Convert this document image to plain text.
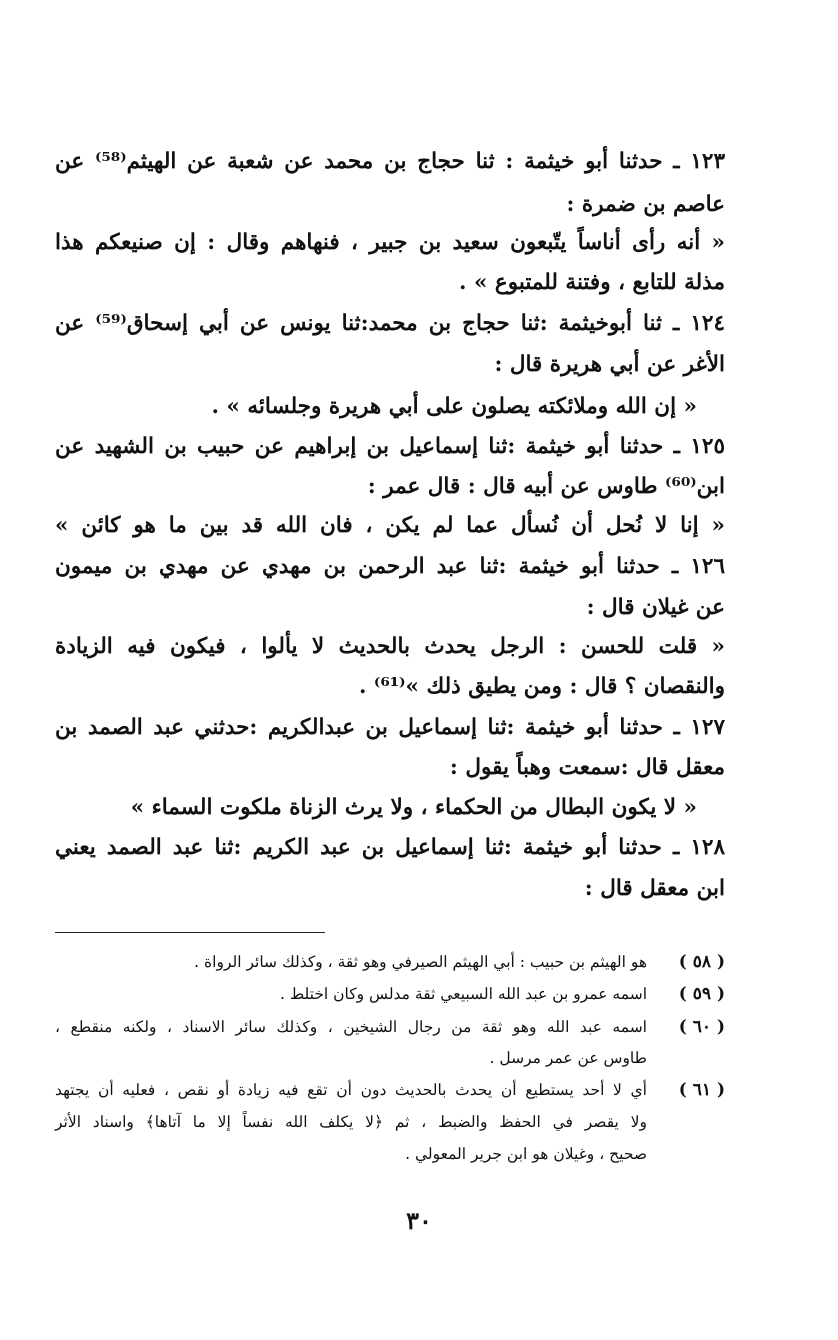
١٢٣ ـ حدثنا أبو خيثمة : ثنا حجاج بن محمد عن شعبة عن الهيثم⁽⁵⁸⁾ عن
عاصم بن ضمرة :
« أنه رأى أناساً يتّبعون سعيد بن جبير ، فنهاهم وقال : إن صنيعكم هذا
مذلة للتابع ، وفتنة للمتبوع » .
١٢٤ ـ ثنا أبوخيثمة :ثنا حجاج بن محمد:ثنا يونس عن أبي إسحاق⁽⁵⁹⁾ عن
الأغر عن أبي هريرة قال :
« إن الله وملائكته يصلون على أبي هريرة وجلسائه » .
١٢٥ ـ حدثنا أبو خيثمة :ثنا إسماعيل بن إبراهيم عن حبيب بن الشهيد عن
ابن⁽⁶⁰⁾ طاوس عن أبيه قال : قال عمر :
« إنا لا نُحل أن نُسأل عما لم يكن ، فان الله قد بين ما هو كائن »
١٢٦ ـ حدثنا أبو خيثمة :ثنا عبد الرحمن بن مهدي عن مهدي بن ميمون
عن غيلان قال :
« قلت للحسن : الرجل يحدث بالحديث لا يألوا ، فيكون فيه الزيادة
والنقصان ؟ قال : ومن يطيق ذلك »⁽⁶¹⁾ .
١٢٧ ـ حدثنا أبو خيثمة :ثنا إسماعيل بن عبدالكريم :حدثني عبد الصمد بن
معقل قال :سمعت وهباً يقول :
« لا يكون البطال من الحكماء ، ولا يرث الزناة ملكوت السماء »
١٢٨ ـ حدثنا أبو خيثمة :ثنا إسماعيل بن عبد الكريم :ثنا عبد الصمد يعني
ابن معقل قال :
( ٥٨ )
هو الهيثم بن حبيب : أبي الهيثم الصيرفي وهو ثقة ، وكذلك سائر الرواة .
( ٥٩ )
اسمه عمرو بن عبد الله السبيعي ثقة مدلس وكان اختلط .
( ٦٠ )
اسمه عبد الله وهو ثقة من رجال الشيخين ، وكذلك سائر الاسناد ، ولكنه منقطع ،
طاوس عن عمر مرسل .
( ٦١ )
أي لا أحد يستطيع أن يحدث بالحديث دون أن تقع فيه زيادة أو نقص ، فعليه أن يجتهد
ولا يقصر في الحفظ والضبط ، ثم ﴿لا يكلف الله نفساً إلا ما آتاها﴾ واسناد الأثر
صحيح ، وغيلان هو ابن جرير المعولي .
٣٠
